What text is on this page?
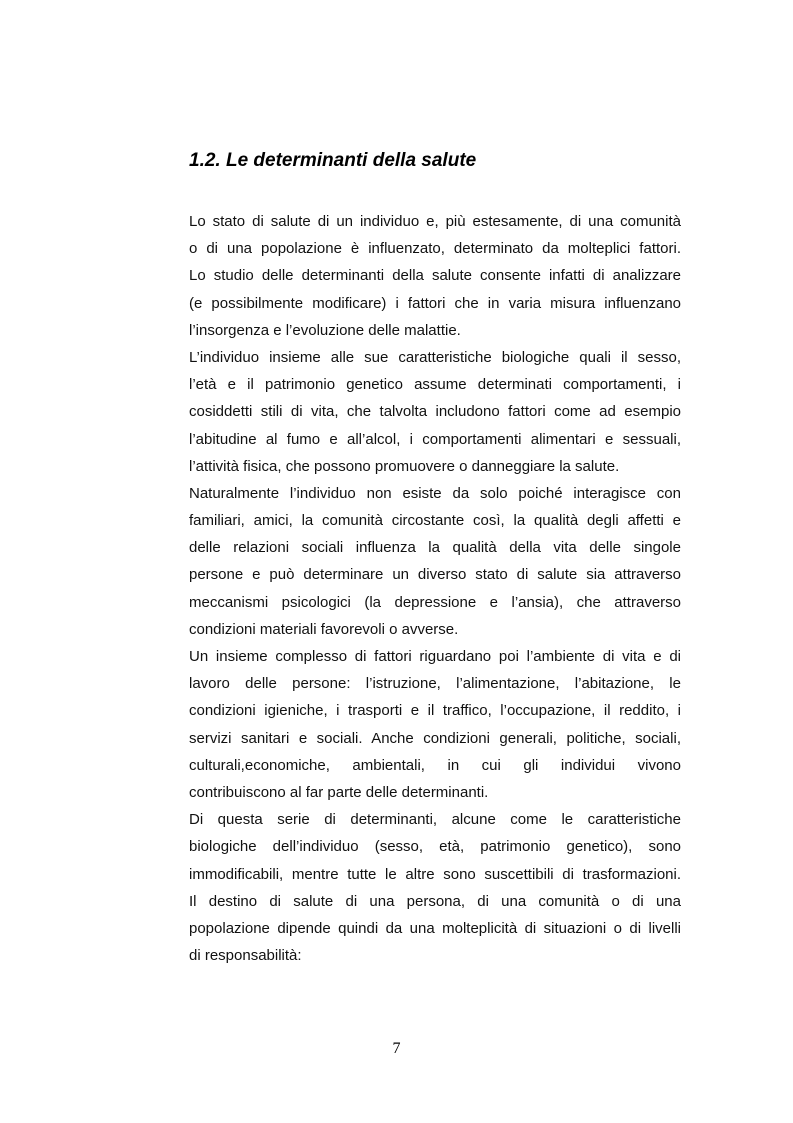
1.2. Le determinanti della salute
Lo stato di salute di un individuo e, più estesamente, di una comunità
o di una popolazione è influenzato, determinato da molteplici fattori.
Lo studio delle determinanti della salute consente infatti di analizzare
(e possibilmente modificare) i fattori che in varia misura influenzano
l’insorgenza e l’evoluzione delle malattie.
L’individuo insieme alle sue caratteristiche biologiche quali il sesso,
l’età e il patrimonio genetico assume determinati comportamenti, i
cosiddetti stili di vita, che talvolta includono fattori come ad esempio
l’abitudine al fumo e all’alcol, i comportamenti alimentari e sessuali,
l’attività fisica, che possono promuovere o danneggiare la salute.
Naturalmente l’individuo non esiste da solo poiché interagisce con
familiari, amici, la comunità circostante così, la qualità degli affetti e
delle relazioni sociali influenza la qualità della vita delle singole
persone e può determinare un diverso stato di salute sia attraverso
meccanismi psicologici (la depressione e l’ansia), che attraverso
condizioni materiali favorevoli o avverse.
Un insieme complesso di fattori riguardano poi l’ambiente di vita e di
lavoro delle persone: l’istruzione, l’alimentazione, l’abitazione, le
condizioni igieniche, i trasporti e il traffico, l’occupazione, il reddito, i
servizi sanitari e sociali. Anche condizioni generali, politiche, sociali,
culturali,economiche, ambientali, in cui gli individui vivono
contribuiscono al far parte delle determinanti.
Di questa serie di determinanti, alcune come le caratteristiche
biologiche dell’individuo (sesso, età, patrimonio genetico), sono
immodificabili, mentre tutte le altre sono suscettibili di trasformazioni.
Il destino di salute di una persona, di una comunità o di una
popolazione dipende quindi da una molteplicità di situazioni o di livelli
di responsabilità:
7
